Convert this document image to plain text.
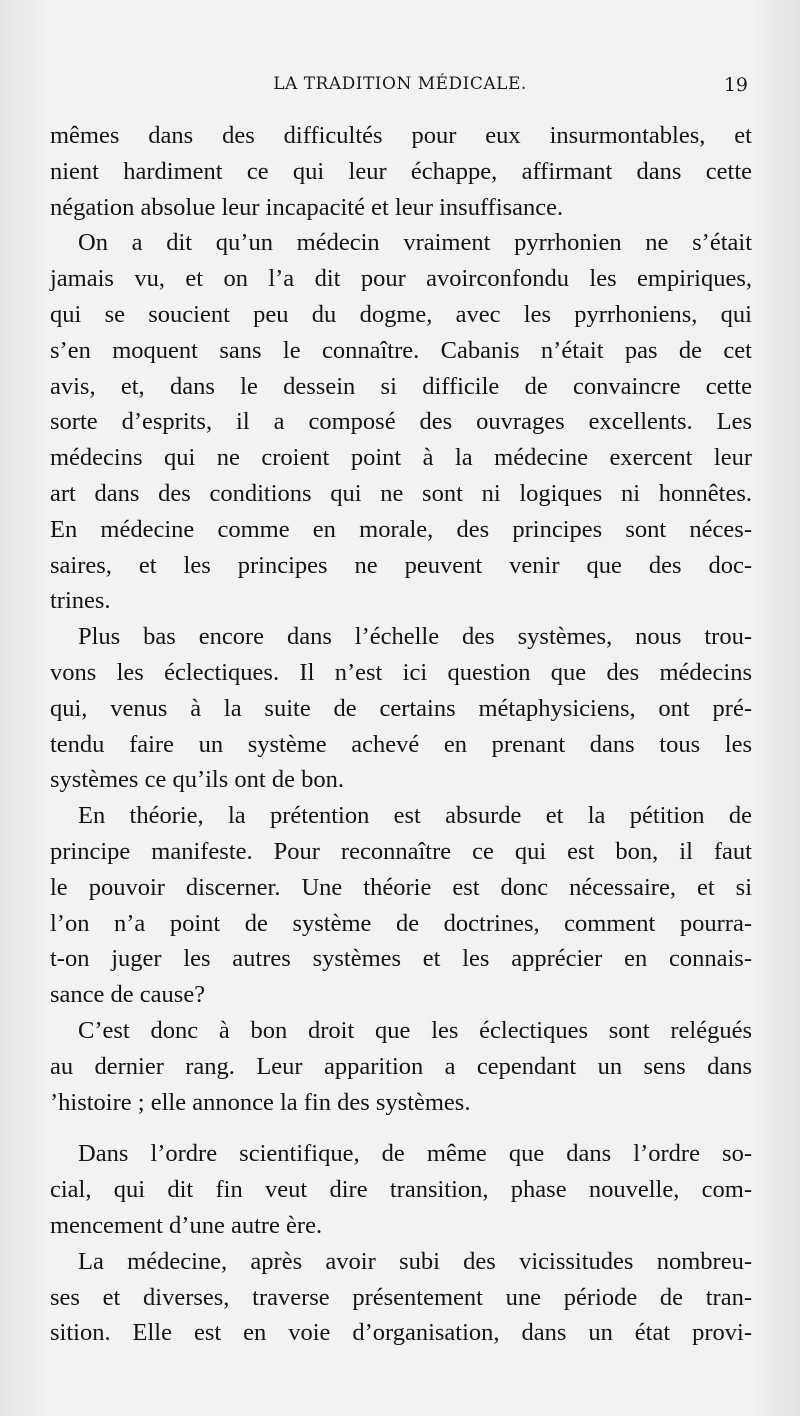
LA TRADITION MÉDICALE.	19
mêmes dans des difficultés pour eux insurmontables, et
nient hardiment ce qui leur échappe, affirmant dans cette
négation absolue leur incapacité et leur insuffisance.
On a dit qu’un médecin vraiment pyrrhonien ne s’était
jamais vu, et on l’a dit pour avoirconfondu les empiriques,
qui se soucient peu du dogme, avec les pyrrhoniens, qui
s’en moquent sans le connaître. Cabanis n’était pas de cet
avis, et, dans le dessein si difficile de convaincre cette
sorte d’esprits, il a composé des ouvrages excellents. Les
médecins qui ne croient point à la médecine exercent leur
art dans des conditions qui ne sont ni logiques ni honnêtes.
En médecine comme en morale, des principes sont néces-
saires, et les principes ne peuvent venir que des doc-
trines.
Plus bas encore dans l’échelle des systèmes, nous trou-
vons les éclectiques. Il n’est ici question que des médecins
qui, venus à la suite de certains métaphysiciens, ont pré-
tendu faire un système achevé en prenant dans tous les
systèmes ce qu’ils ont de bon.
En théorie, la prétention est absurde et la pétition de
principe manifeste. Pour reconnaître ce qui est bon, il faut
le pouvoir discerner. Une théorie est donc nécessaire, et si
l’on n’a point de système de doctrines, comment pourra-
t-on juger les autres systèmes et les apprécier en connais-
sance de cause?
C’est donc à bon droit que les éclectiques sont relégués
au dernier rang. Leur apparition a cependant un sens dans
’histoire ; elle annonce la fin des systèmes.
Dans l’ordre scientifique, de même que dans l’ordre so-
cial, qui dit fin veut dire transition, phase nouvelle, com-
mencement d’une autre ère.
La médecine, après avoir subi des vicissitudes nombreu-
ses et diverses, traverse présentement une période de tran-
sition. Elle est en voie d’organisation, dans un état provi-
